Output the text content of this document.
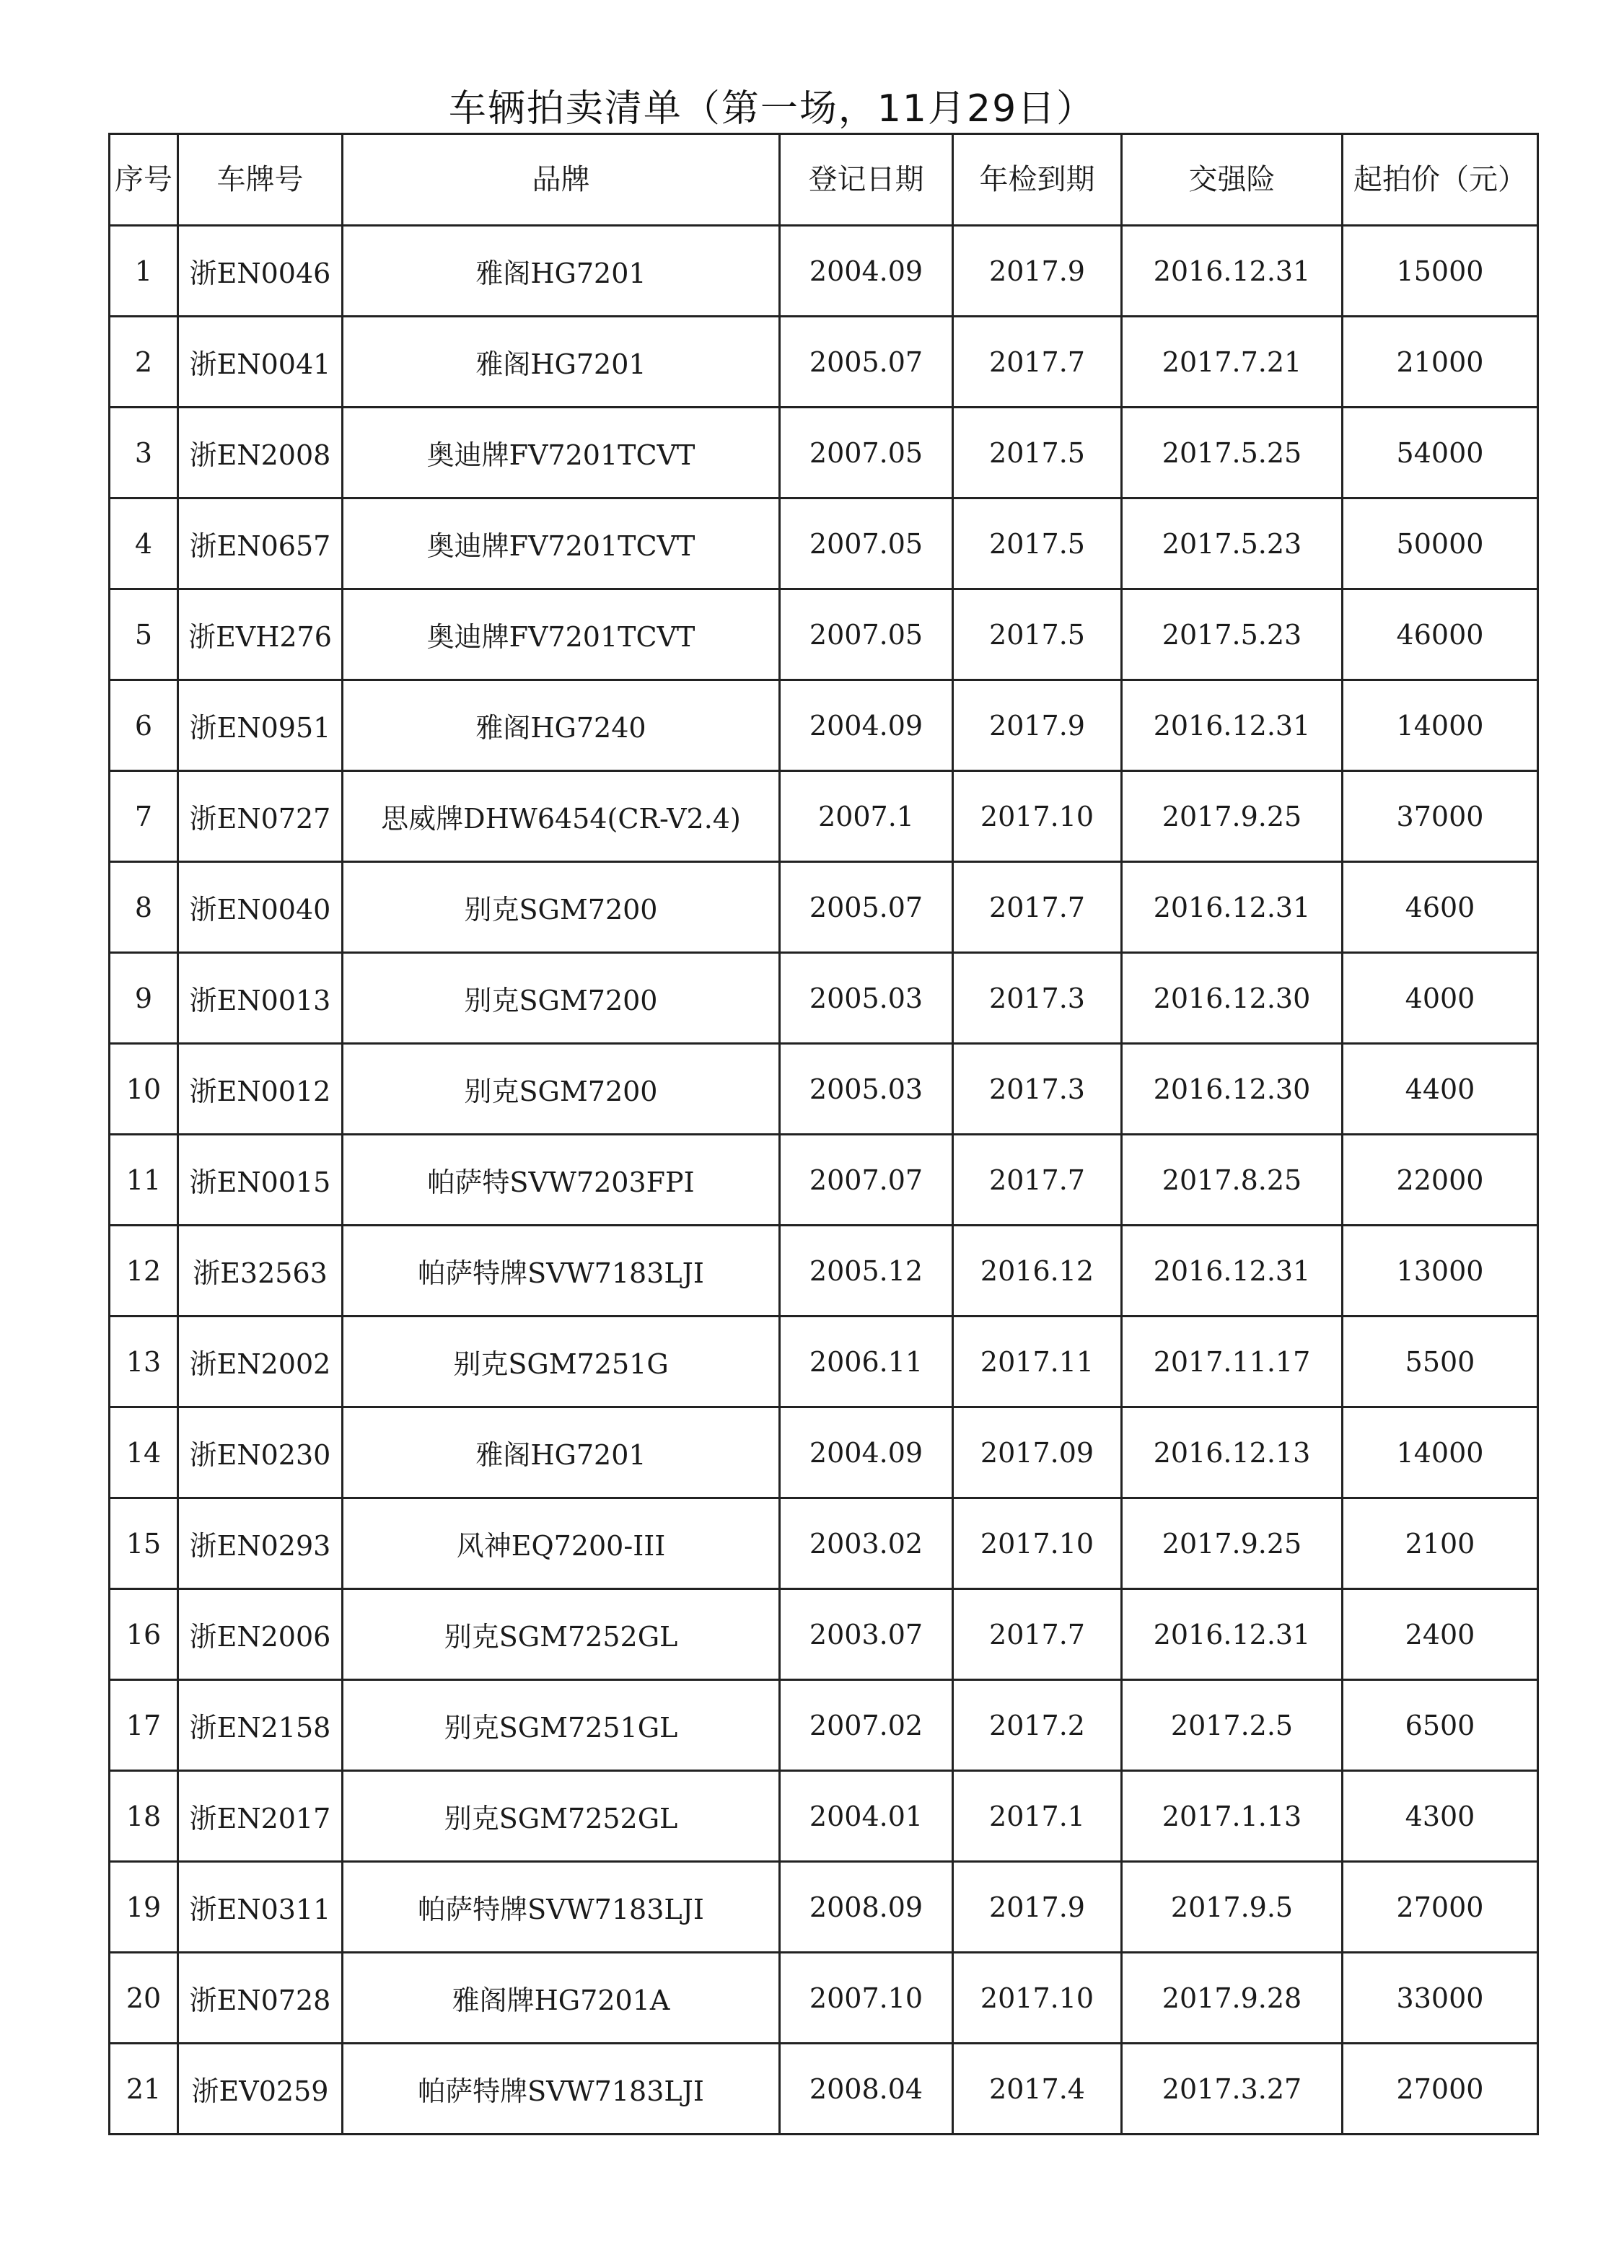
车辆拍卖清单（第一场，11月29日）
序号	车牌号	品牌	登记日期	年检到期	交强险	起拍价（元）
1	浙EN0046	雅阁HG7201	2004.09	2017.9	2016.12.31	15000
2	浙EN0041	雅阁HG7201	2005.07	2017.7	2017.7.21	21000
3	浙EN2008	奥迪牌FV7201TCVT	2007.05	2017.5	2017.5.25	54000
4	浙EN0657	奥迪牌FV7201TCVT	2007.05	2017.5	2017.5.23	50000
5	浙EVH276	奥迪牌FV7201TCVT	2007.05	2017.5	2017.5.23	46000
6	浙EN0951	雅阁HG7240	2004.09	2017.9	2016.12.31	14000
7	浙EN0727	思威牌DHW6454(CR-V2.4)	2007.1	2017.10	2017.9.25	37000
8	浙EN0040	别克SGM7200	2005.07	2017.7	2016.12.31	4600
9	浙EN0013	别克SGM7200	2005.03	2017.3	2016.12.30	4000
10	浙EN0012	别克SGM7200	2005.03	2017.3	2016.12.30	4400
11	浙EN0015	帕萨特SVW7203FPI	2007.07	2017.7	2017.8.25	22000
12	浙E32563	帕萨特牌SVW7183LJI	2005.12	2016.12	2016.12.31	13000
13	浙EN2002	别克SGM7251G	2006.11	2017.11	2017.11.17	5500
14	浙EN0230	雅阁HG7201	2004.09	2017.09	2016.12.13	14000
15	浙EN0293	风神EQ7200-III	2003.02	2017.10	2017.9.25	2100
16	浙EN2006	别克SGM7252GL	2003.07	2017.7	2016.12.31	2400
17	浙EN2158	别克SGM7251GL	2007.02	2017.2	2017.2.5	6500
18	浙EN2017	别克SGM7252GL	2004.01	2017.1	2017.1.13	4300
19	浙EN0311	帕萨特牌SVW7183LJI	2008.09	2017.9	2017.9.5	27000
20	浙EN0728	雅阁牌HG7201A	2007.10	2017.10	2017.9.28	33000
21	浙EV0259	帕萨特牌SVW7183LJI	2008.04	2017.4	2017.3.27	27000
